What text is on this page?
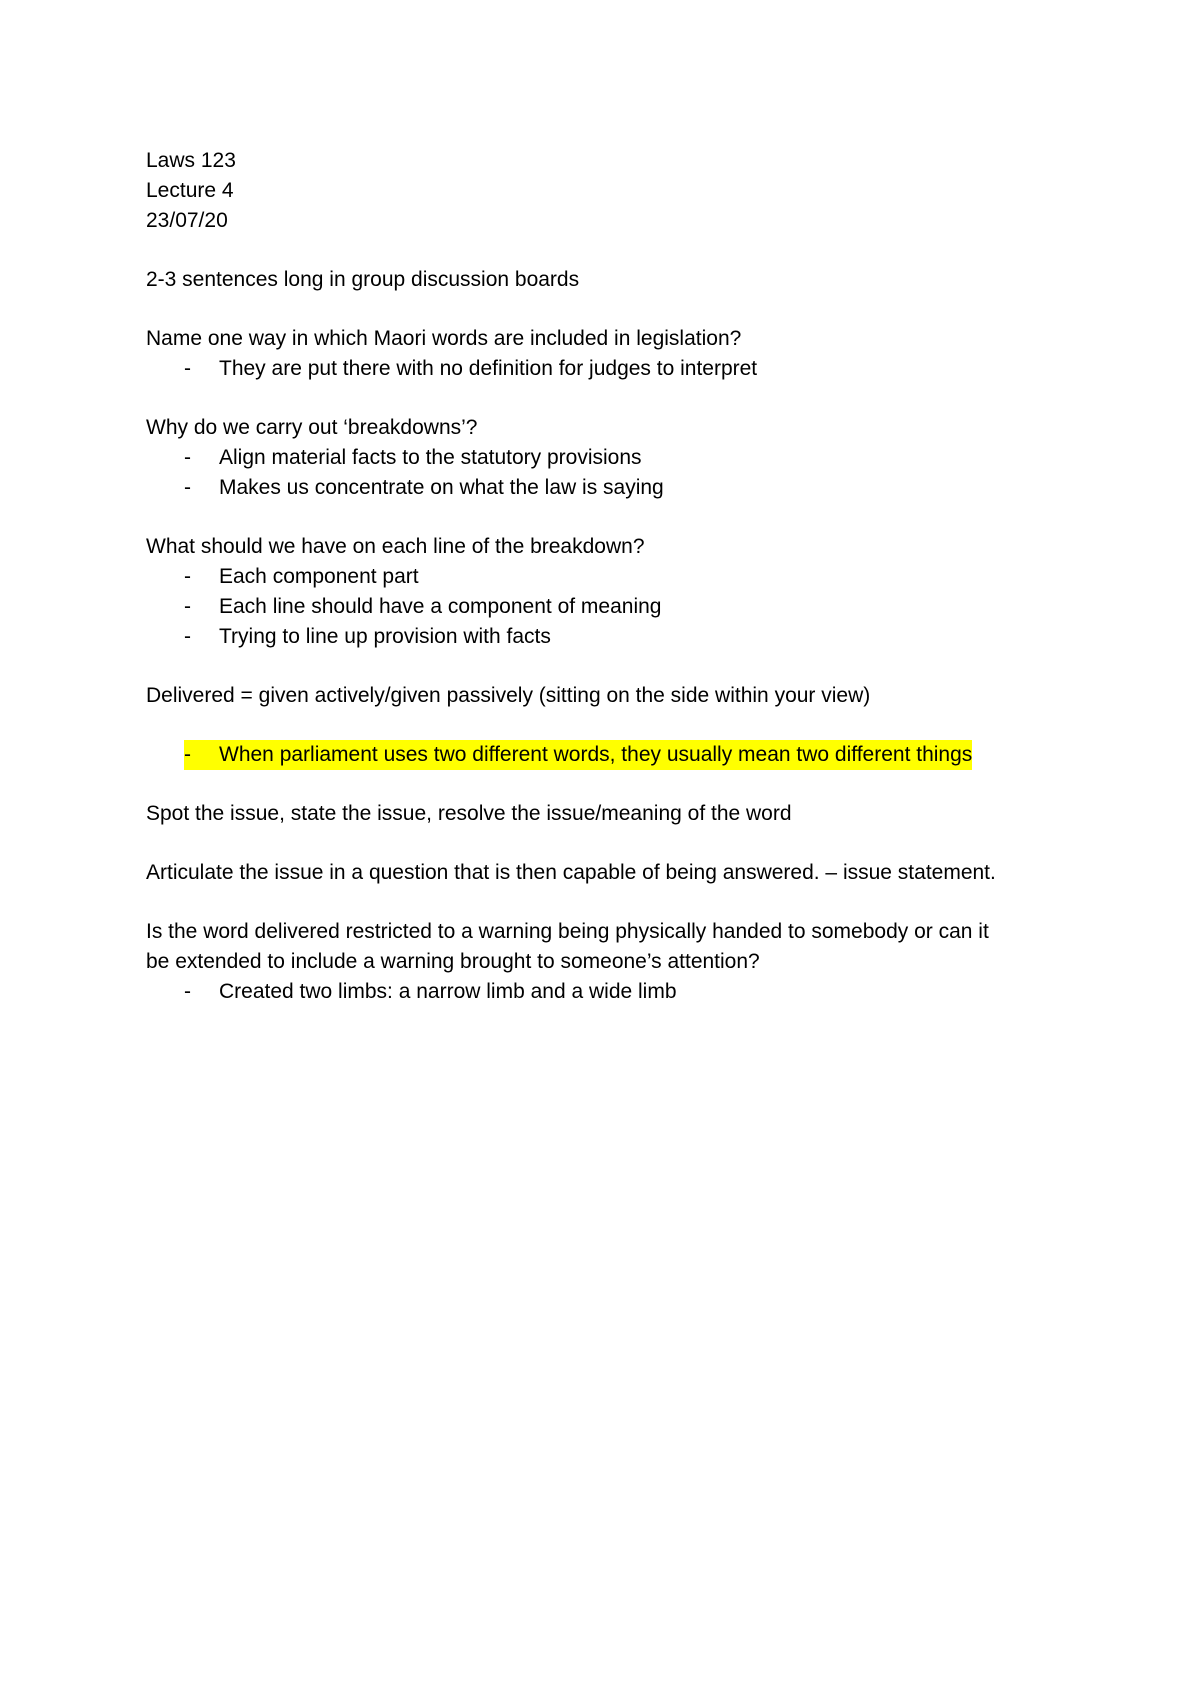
Laws 123

Lecture 4

23/07/20

2-3 sentences long in group discussion boards

Name one way in which Maori words are included in legislation?

-	They are put there with no definition for judges to interpret

Why do we carry out ‘breakdowns’?

-	Align material facts to the statutory provisions

-	Makes us concentrate on what the law is saying

What should we have on each line of the breakdown?

-	Each component part

-	Each line should have a component of meaning

-	Trying to line up provision with facts

Delivered = given actively/given passively (sitting on the side within your view)

-	When parliament uses two different words, they usually mean two different things

Spot the issue, state the issue, resolve the issue/meaning of the word

Articulate the issue in a question that is then capable of being answered. – issue statement.

Is the word delivered restricted to a warning being physically handed to somebody or can it

be extended to include a warning brought to someone’s attention?

-	Created two limbs: a narrow limb and a wide limb
